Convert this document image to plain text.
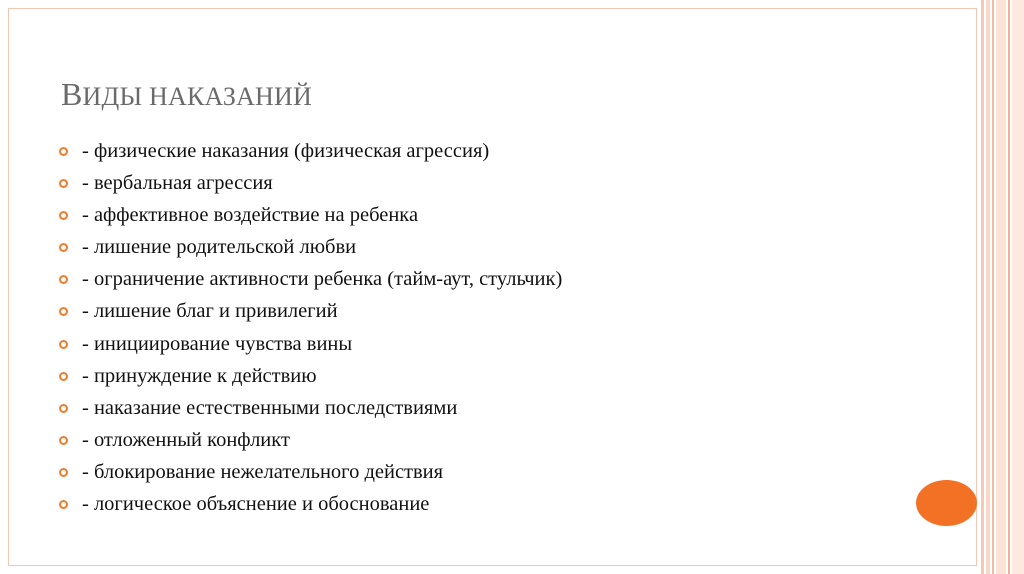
ВИДЫ НАКАЗАНИЙ
- физические наказания (физическая агрессия)
- вербальная агрессия
- аффективное воздействие на ребенка
- лишение родительской любви
- ограничение активности ребенка (тайм-аут, стульчик)
- лишение благ и привилегий
- инициирование чувства вины
- принуждение к действию
- наказание естественными последствиями
- отложенный конфликт
- блокирование нежелательного действия
- логическое объяснение и обоснование
